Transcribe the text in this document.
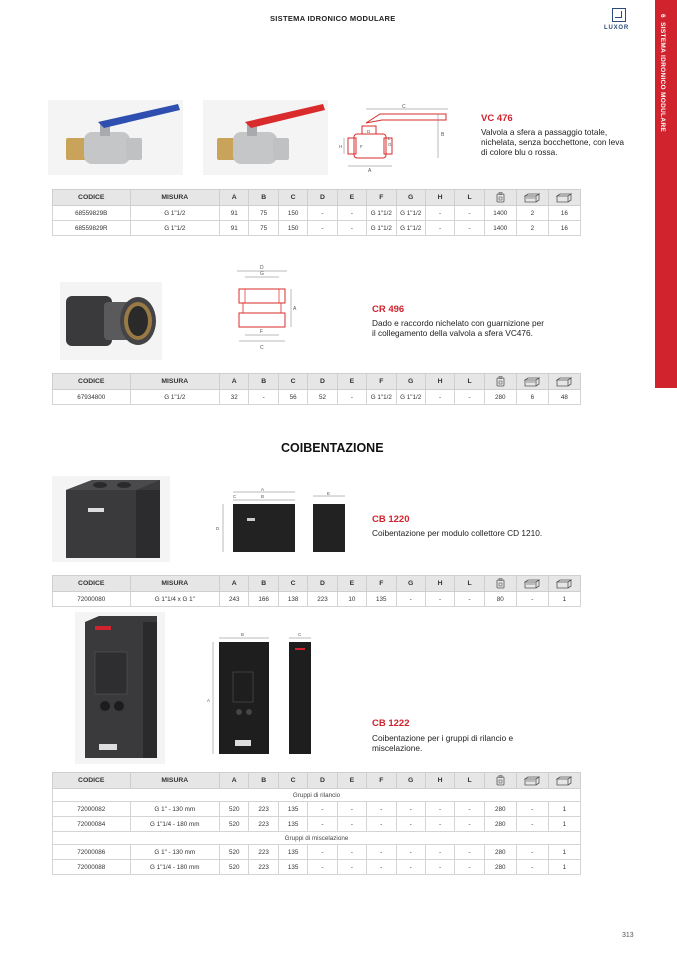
SISTEMA IDRONICO MODULARE
LUXOR
6  SISTEMA IDRONICO MODULARE
C
B
H
D
G
L
A
F
VC 476
Valvola a sfera a passaggio totale, nichelata, senza bocchettone, con leva di colore blu o rossa.
CODICE	MISURA	A	B	C	D	E	F	G	H	L			
68559829B	G 1"1/2	91	75	150	-	-	G 1"1/2	G 1"1/2	-	-	1400	2	16
68559829R	G 1"1/2	91	75	150	-	-	G 1"1/2	G 1"1/2	-	-	1400	2	16
D
G
A
F
C
CR 496
Dado e raccordo nichelato con guarnizione per il collegamento della valvola a sfera VC476.
CODICE	MISURA	A	B	C	D	E	F	G	H	L			
67934800	G 1"1/2	32	-	56	52	-	G 1"1/2	G 1"1/2	-	-	280	6	48
COIBENTAZIONE
A
B
D
C
E
CB 1220
Coibentazione per modulo collettore CD 1210.
CODICE	MISURA	A	B	C	D	E	F	G	H	L			
72000080	G 1"1/4 x G 1"	243	166	138	223	10	135	-	-	-	80	-	1
B	C
A
CB 1222
Coibentazione per i gruppi di rilancio e miscelazione.
CODICE	MISURA	A	B	C	D	E	F	G	H	L			
Gruppi di rilancio													
72000082	G 1" - 130 mm	520	223	135	-	-	-	-	-	-	280	-	1
72000084	G 1"1/4 - 180 mm	520	223	135	-	-	-	-	-	-	280	-	1
Gruppi di miscelazione													
72000086	G 1" - 130 mm	520	223	135	-	-	-	-	-	-	280	-	1
72000088	G 1"1/4 - 180 mm	520	223	135	-	-	-	-	-	-	280	-	1
313
